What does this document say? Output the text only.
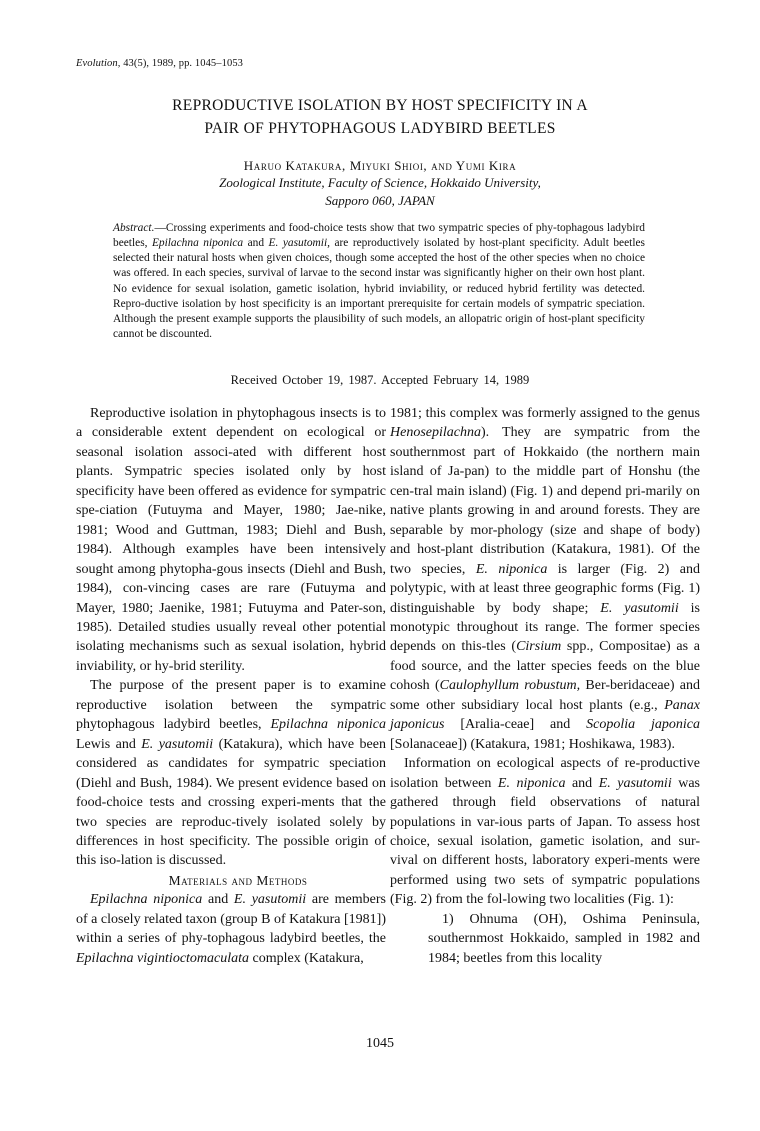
Evolution, 43(5), 1989, pp. 1045–1053
REPRODUCTIVE ISOLATION BY HOST SPECIFICITY IN A
PAIR OF PHYTOPHAGOUS LADYBIRD BEETLES
Haruo Katakura, Miyuki Shioi, and Yumi Kira
Zoological Institute, Faculty of Science, Hokkaido University,
Sapporo 060, JAPAN
Abstract.—Crossing experiments and food-choice tests show that two sympatric species of phy-tophagous ladybird beetles, Epilachna niponica and E. yasutomii, are reproductively isolated by host-plant specificity. Adult beetles selected their natural hosts when given choices, though some accepted the host of the other species when no choice was offered. In each species, survival of larvae to the second instar was significantly higher on their own host plant. No evidence for sexual isolation, gametic isolation, hybrid inviability, or reduced hybrid fertility was detected. Repro-ductive isolation by host specificity is an important prerequisite for certain models of sympatric speciation. Although the present example supports the plausibility of such models, an allopatric origin of host-plant specificity cannot be discounted.
Received October 19, 1987. Accepted February 14, 1989

Reproductive isolation in phytophagous insects is to a considerable extent dependent on ecological or seasonal isolation associ-ated with different host plants. Sympatric species isolated only by host specificity have been offered as evidence for sympatric spe-ciation (Futuyma and Mayer, 1980; Jae-nike, 1981; Wood and Guttman, 1983; Diehl and Bush, 1984). Although examples have been intensively sought among phytopha-gous insects (Diehl and Bush, 1984), con-vincing cases are rare (Futuyma and Mayer, 1980; Jaenike, 1981; Futuyma and Pater-son, 1985). Detailed studies usually reveal other potential isolating mechanisms such as sexual isolation, hybrid inviability, or hy-brid sterility.

The purpose of the present paper is to examine reproductive isolation between the sympatric phytophagous ladybird beetles, Epilachna niponica Lewis and E. yasutomii (Katakura), which have been considered as candidates for sympatric speciation (Diehl and Bush, 1984). We present evidence based on food-choice tests and crossing experi-ments that the two species are reproduc-tively isolated solely by differences in host specificity. The possible origin of this iso-lation is discussed.

Materials and Methods

Epilachna niponica and E. yasutomii are members of a closely related taxon (group B of Katakura [1981]) within a series of phy-tophagous ladybird beetles, the Epilachna vigintioctomaculata complex (Katakura,

1981; this complex was formerly assigned to the genus Henosepilachna). They are sympatric from the southernmost part of Hokkaido (the northern main island of Ja-pan) to the middle part of Honshu (the cen-tral main island) (Fig. 1) and depend pri-marily on native plants growing in and around forests. They are separable by mor-phology (size and shape of body) and host-plant distribution (Katakura, 1981). Of the two species, E. niponica is larger (Fig. 2) and polytypic, with at least three geographic forms (Fig. 1) distinguishable by body shape; E. yasutomii is monotypic throughout its range. The former species depends on this-tles (Cirsium spp., Compositae) as a food source, and the latter species feeds on the blue cohosh (Caulophyllum robustum, Ber-beridaceae) and some other subsidiary local host plants (e.g., Panax japonicus [Aralia-ceae] and Scopolia japonica [Solanaceae]) (Katakura, 1981; Hoshikawa, 1983).

Information on ecological aspects of re-productive isolation between E. niponica and E. yasutomii was gathered through field observations of natural populations in var-ious parts of Japan. To assess host choice, sexual isolation, gametic isolation, and sur-vival on different hosts, laboratory experi-ments were performed using two sets of sympatric populations (Fig. 2) from the fol-lowing two localities (Fig. 1):

1) Ohnuma (OH), Oshima Peninsula, southernmost Hokkaido, sampled in 1982 and 1984; beetles from this locality

1045
